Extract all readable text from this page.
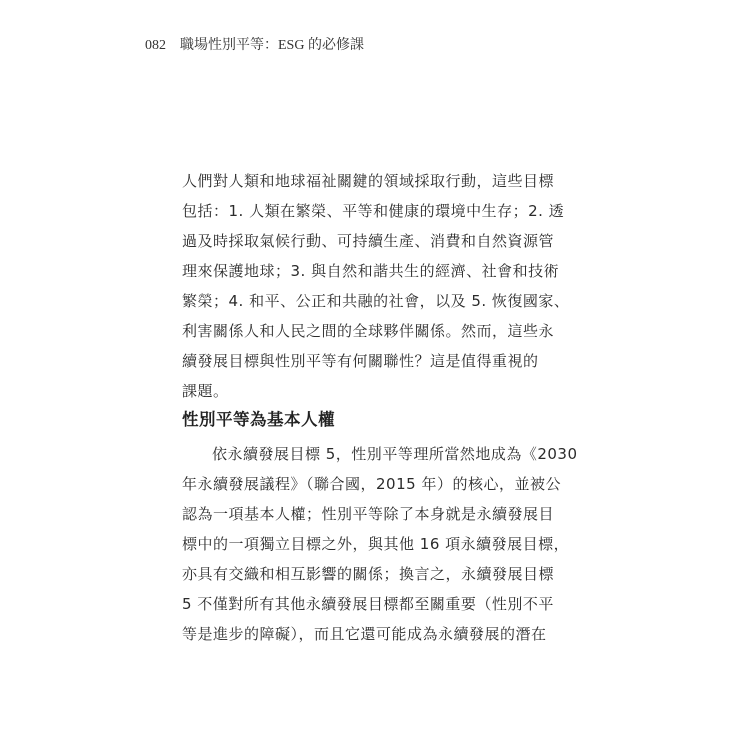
082 職場性別平等：ESG 的必修課
人們對人類和地球福祉關鍵的領域採取行動，這些目標
包括：1. 人類在繁榮、平等和健康的環境中生存；2. 透
過及時採取氣候行動、可持續生產、消費和自然資源管
理來保護地球；3. 與自然和諧共生的經濟、社會和技術
繁榮；4. 和平、公正和共融的社會，以及 5. 恢復國家、
利害關係人和人民之間的全球夥伴關係。然而，這些永
續發展目標與性別平等有何關聯性？這是值得重視的
課題。
性別平等為基本人權
依永續發展目標 5，性別平等理所當然地成為《2030
年永續發展議程》（聯合國，2015 年）的核心，並被公
認為一項基本人權；性別平等除了本身就是永續發展目
標中的一項獨立目標之外，與其他 16 項永續發展目標，
亦具有交織和相互影響的關係；換言之，永續發展目標
5 不僅對所有其他永續發展目標都至關重要（性別不平
等是進步的障礙），而且它還可能成為永續發展的潛在
